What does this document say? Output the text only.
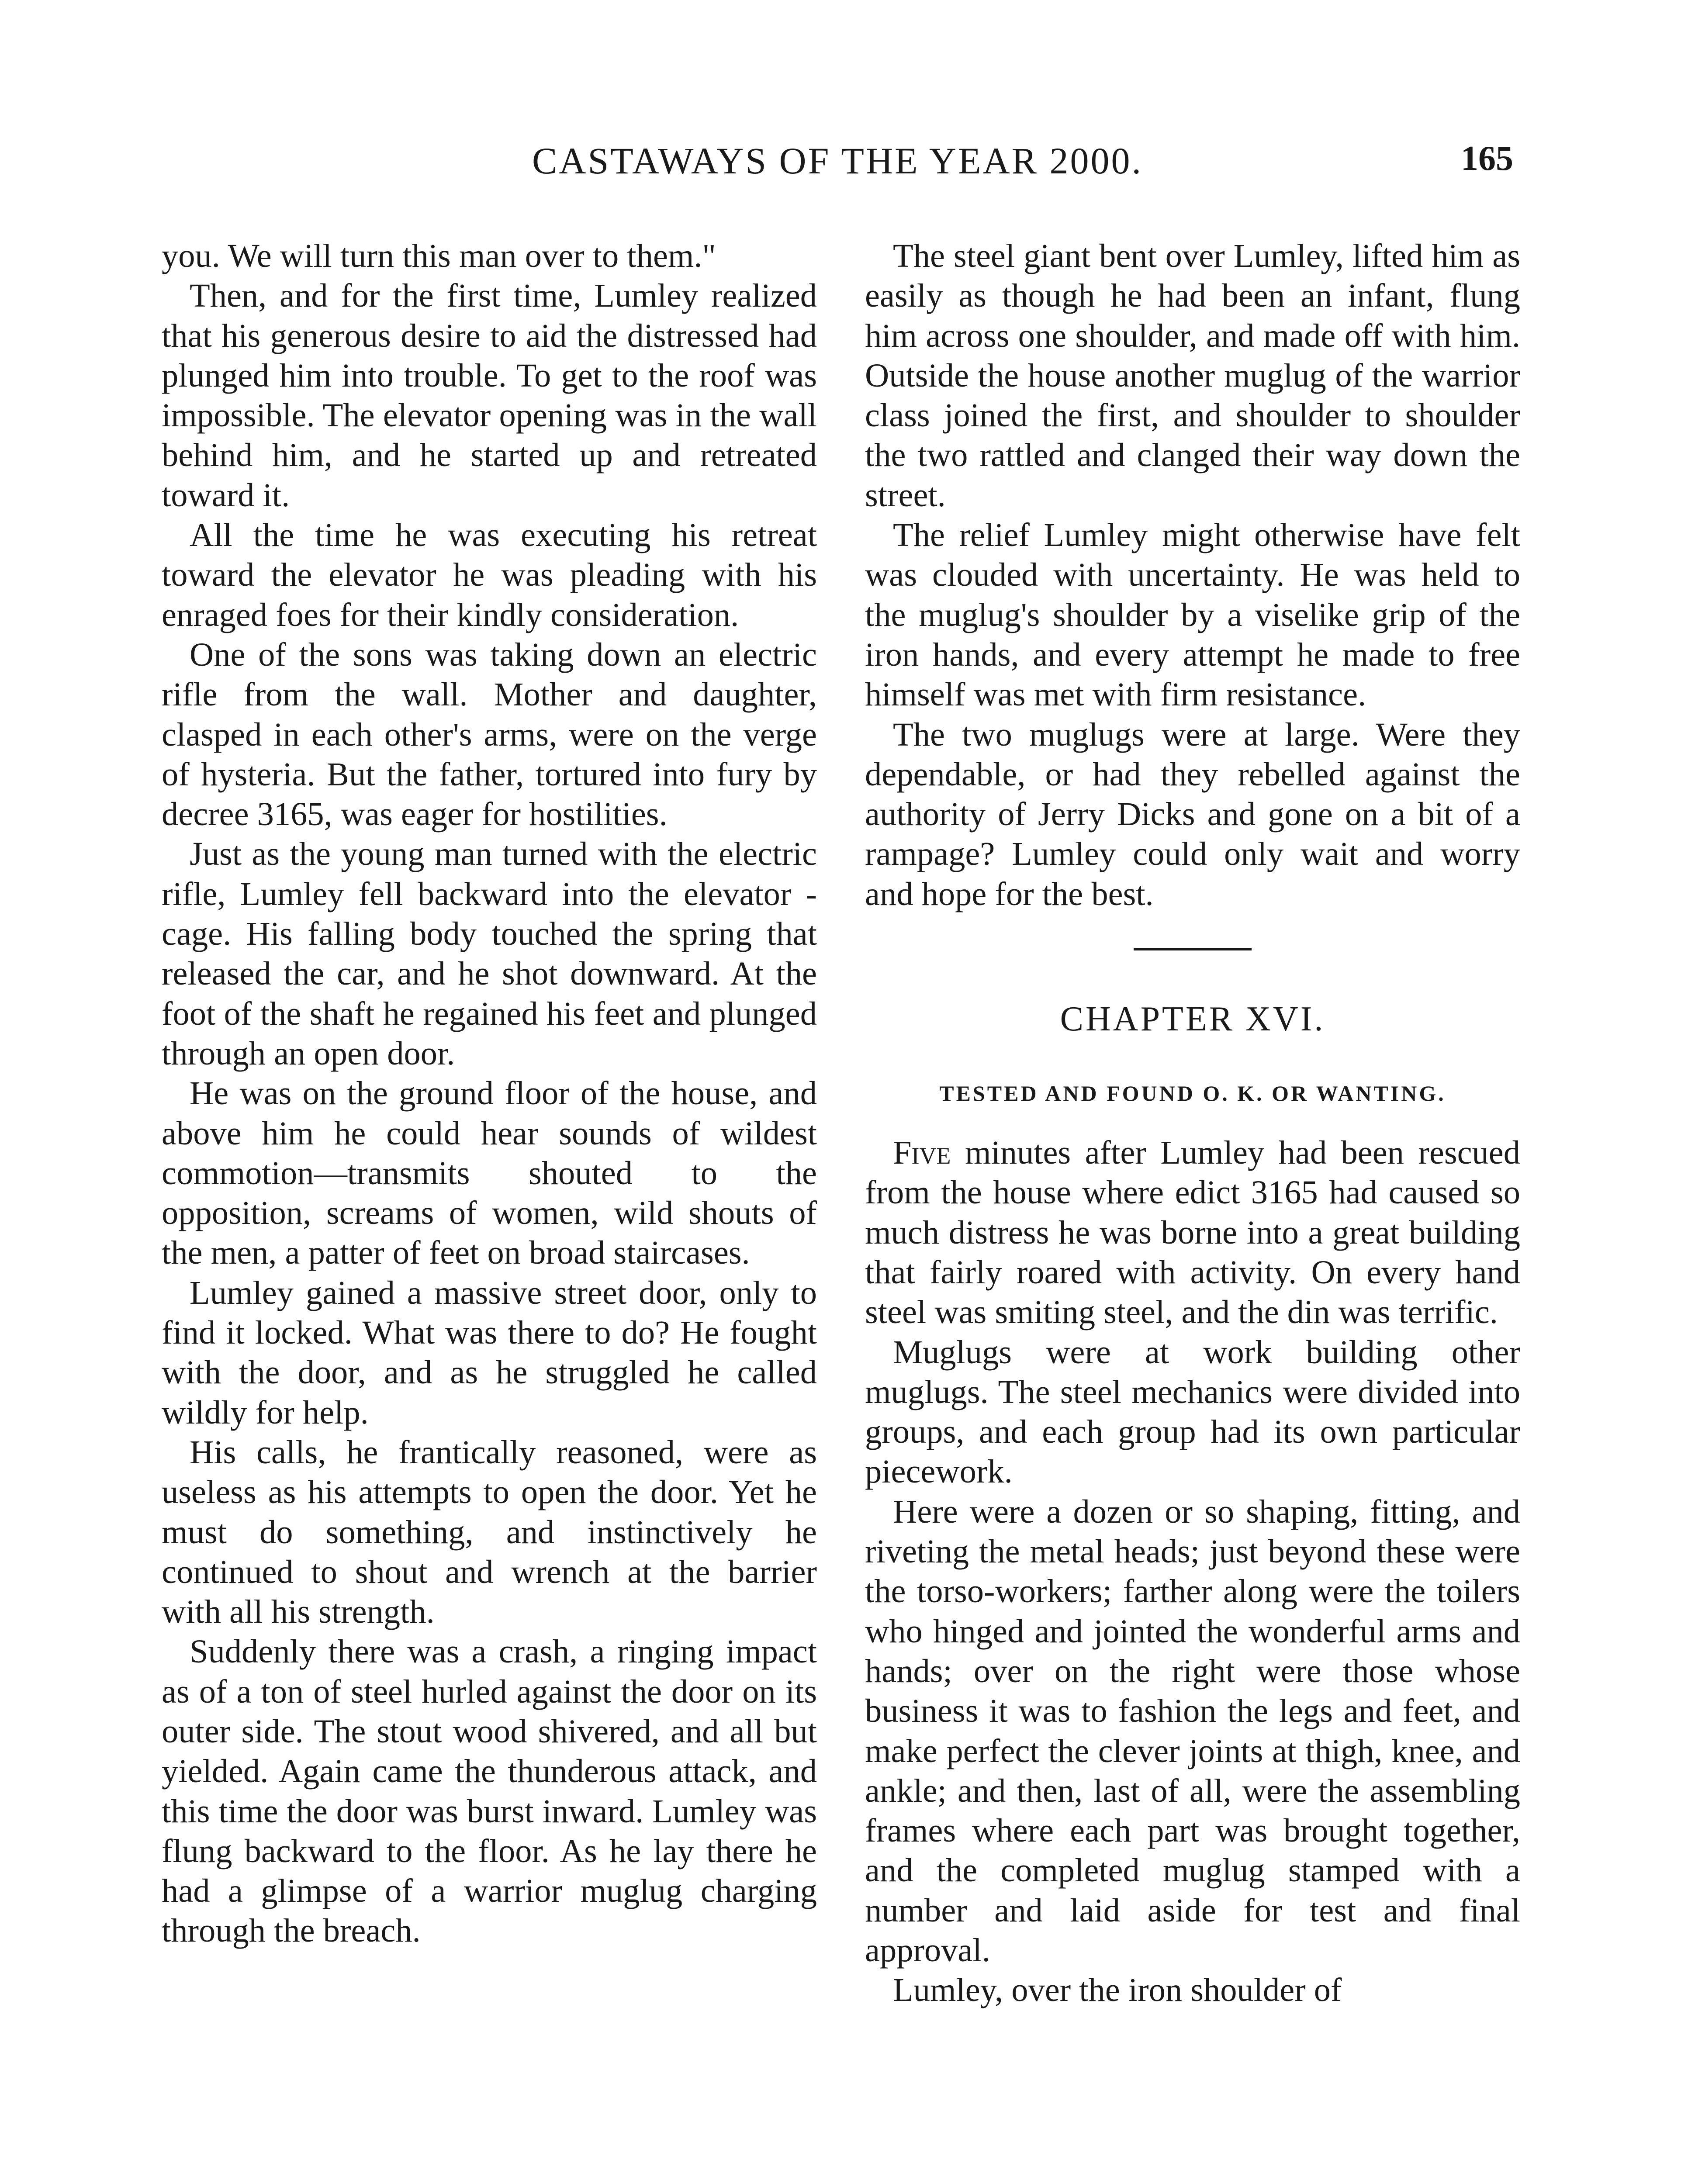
CASTAWAYS OF THE YEAR 2000.	165

you. We will turn this man over to them."

Then, and for the first time, Lumley realized that his generous desire to aid the distressed had plunged him into trouble. To get to the roof was impossible. The elevator opening was in the wall behind him, and he started up and retreated toward it.

All the time he was executing his retreat toward the elevator he was pleading with his enraged foes for their kindly consideration.

One of the sons was taking down an electric rifle from the wall. Mother and daughter, clasped in each other's arms, were on the verge of hysteria. But the father, tortured into fury by decree 3165, was eager for hostilities.

Just as the young man turned with the electric rifle, Lumley fell backward into the elevator - cage. His falling body touched the spring that released the car, and he shot downward. At the foot of the shaft he regained his feet and plunged through an open door.

He was on the ground floor of the house, and above him he could hear sounds of wildest commotion—transmits shouted to the opposition, screams of women, wild shouts of the men, a patter of feet on broad staircases.

Lumley gained a massive street door, only to find it locked. What was there to do? He fought with the door, and as he struggled he called wildly for help.

His calls, he frantically reasoned, were as useless as his attempts to open the door. Yet he must do something, and instinctively he continued to shout and wrench at the barrier with all his strength.

Suddenly there was a crash, a ringing impact as of a ton of steel hurled against the door on its outer side. The stout wood shivered, and all but yielded. Again came the thunderous attack, and this time the door was burst inward. Lumley was flung backward to the floor. As he lay there he had a glimpse of a warrior muglug charging through the breach.

The steel giant bent over Lumley, lifted him as easily as though he had been an infant, flung him across one shoulder, and made off with him. Outside the house another muglug of the warrior class joined the first, and shoulder to shoulder the two rattled and clanged their way down the street.

The relief Lumley might otherwise have felt was clouded with uncertainty. He was held to the muglug's shoulder by a viselike grip of the iron hands, and every attempt he made to free himself was met with firm resistance.

The two muglugs were at large. Were they dependable, or had they rebelled against the authority of Jerry Dicks and gone on a bit of a rampage? Lumley could only wait and worry and hope for the best.

CHAPTER XVI.
TESTED AND FOUND O. K. OR WANTING.

Five minutes after Lumley had been rescued from the house where edict 3165 had caused so much distress he was borne into a great building that fairly roared with activity. On every hand steel was smiting steel, and the din was terrific.

Muglugs were at work building other muglugs. The steel mechanics were divided into groups, and each group had its own particular piecework.

Here were a dozen or so shaping, fitting, and riveting the metal heads; just beyond these were the torso-workers; farther along were the toilers who hinged and jointed the wonderful arms and hands; over on the right were those whose business it was to fashion the legs and feet, and make perfect the clever joints at thigh, knee, and ankle; and then, last of all, were the assembling frames where each part was brought together, and the completed muglug stamped with a number and laid aside for test and final approval.

Lumley, over the iron shoulder of
